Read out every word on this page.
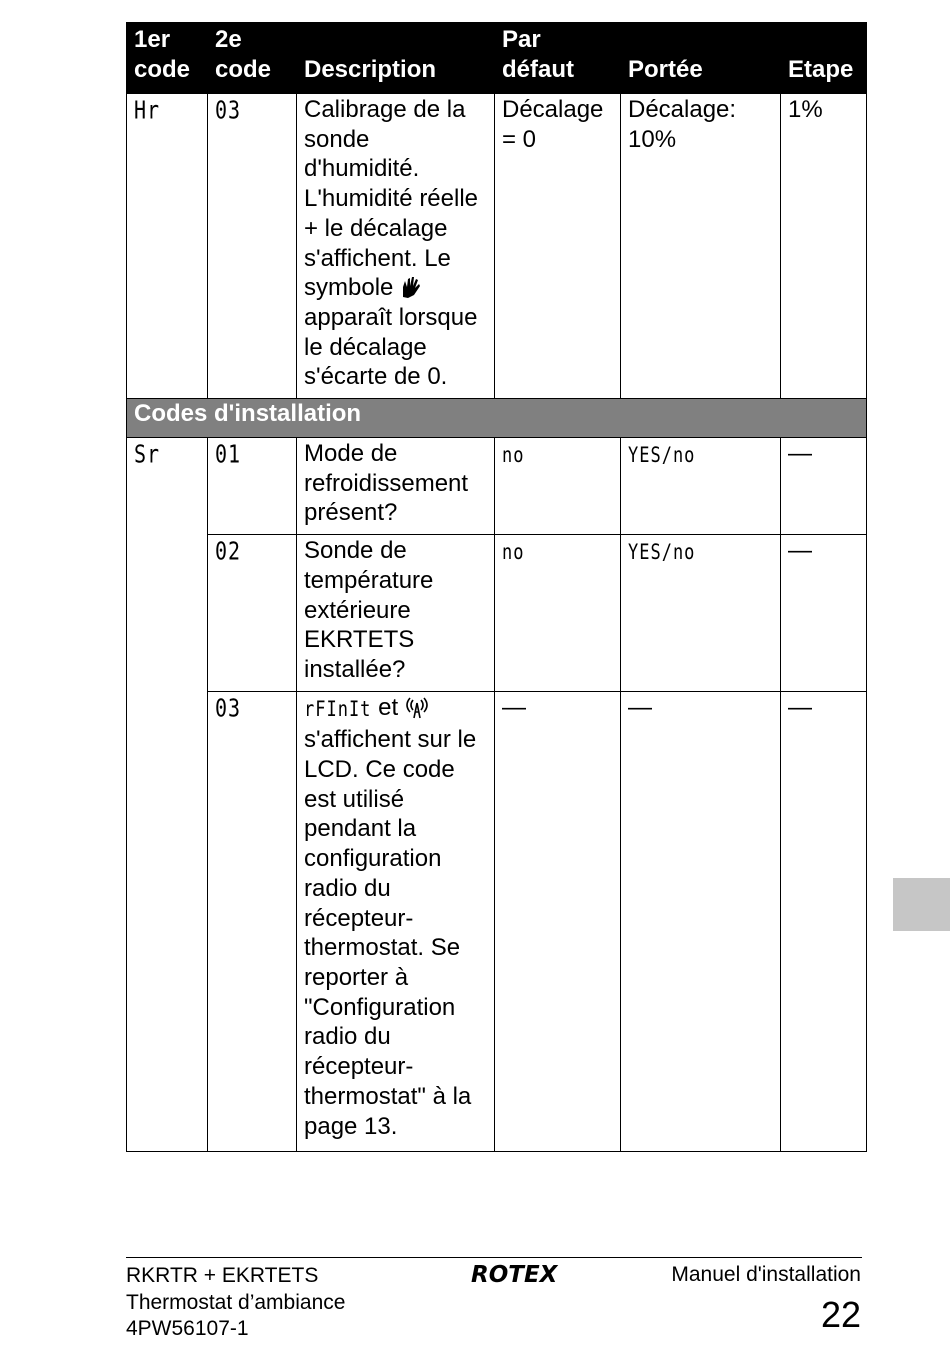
1er code	2e code	Description	Par défaut	Portée	Etape
Hr	03	Calibrage de la sonde d'humidité. L'humidité réelle + le décalage s'affichent. Le symbole  apparaît lorsque le décalage s'écarte de 0.	Décalage = 0	Décalage: 10%	1%
Codes d'installation					
Sr	01	Mode de refroidissement présent?	no	YES/no	—
	02	Sonde de température extérieure EKRTETS installée?	no	YES/no	—
	03	rFInIt et  s'affichent sur le LCD. Ce code est utilisé pendant la configuration radio du récepteur-thermostat. Se reporter à "Configuration radio du récepteur-thermostat" à la page 13.	—	—	—
RKRTR + EKRTETS
Thermostat d’ambiance
4PW56107-1
ROTEX	Manuel d'installation
22
